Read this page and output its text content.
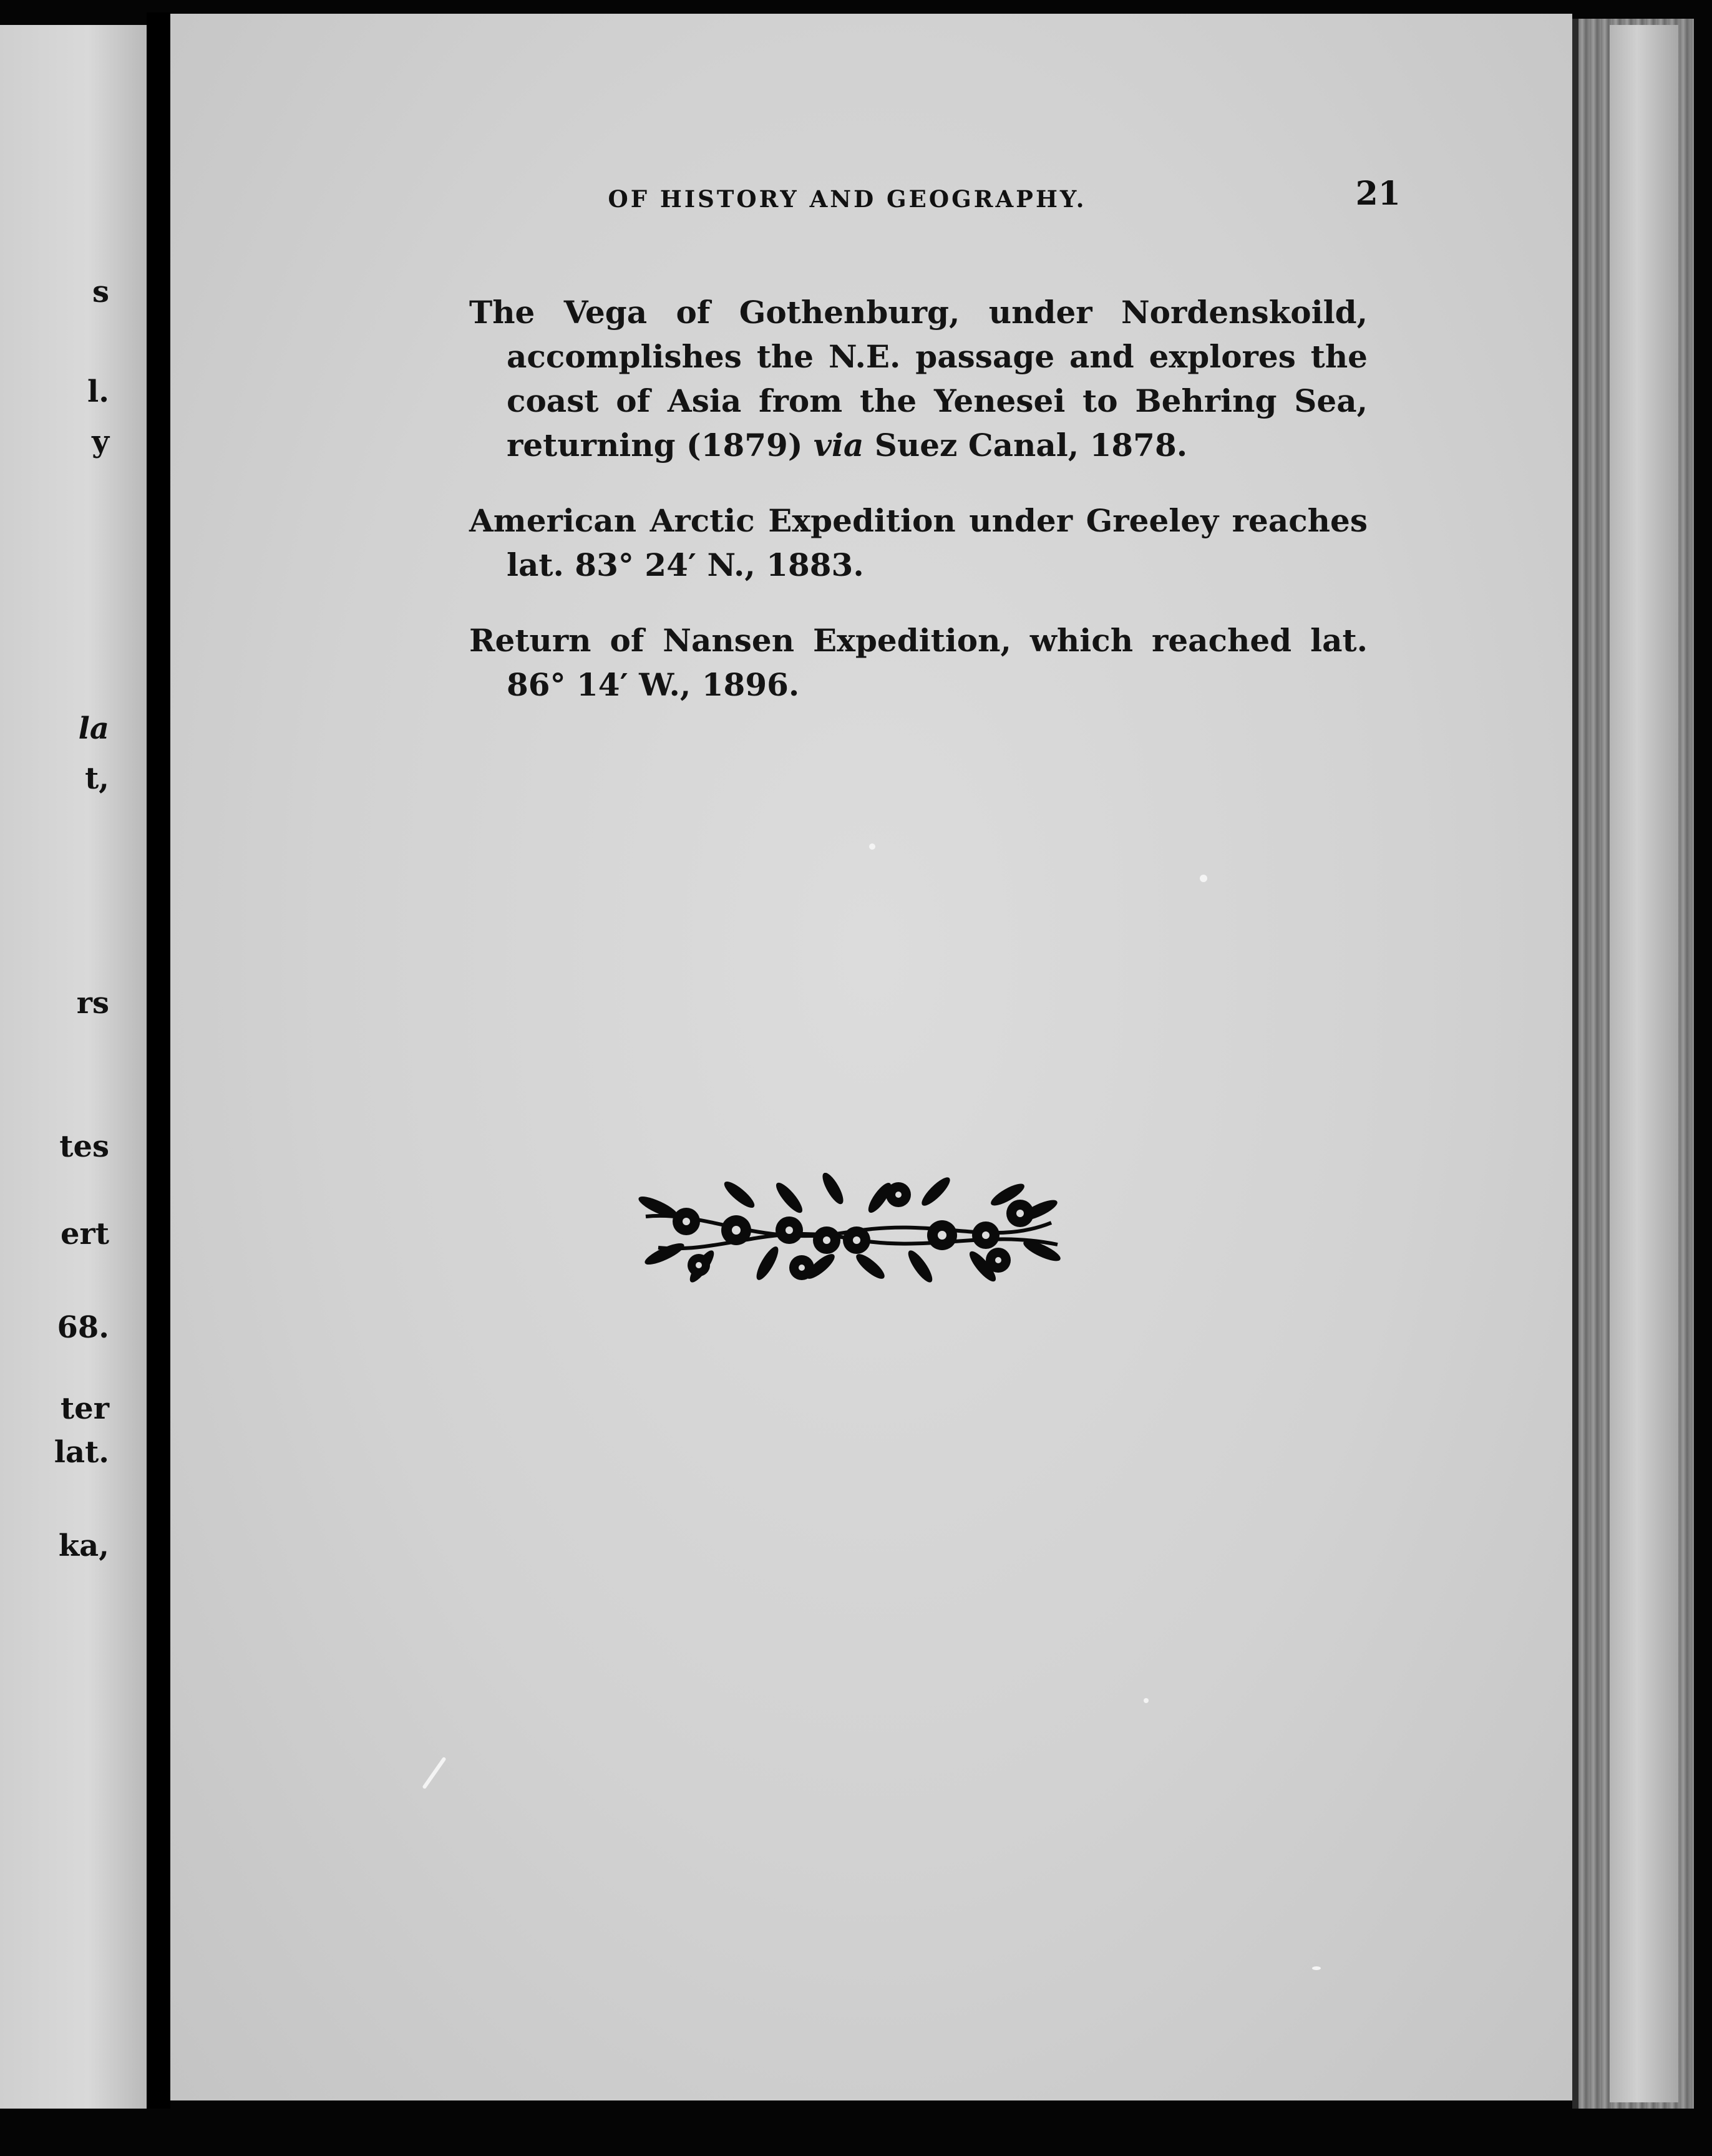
s
l.
y
la
t,
rs
tes
ert
68.
ter
lat.
ka,
OF HISTORY AND GEOGRAPHY.	21

The Vega of Gothenburg, under Nordenskoild, accomplishes the N.E. passage and explores the coast of Asia from the Yenesei to Behring Sea, returning (1879) via Suez Canal, 1878.

American Arctic Expedition under Greeley reaches lat. 83° 24′ N., 1883.

Return of Nansen Expedition, which reached lat. 86° 14′ W., 1896.
